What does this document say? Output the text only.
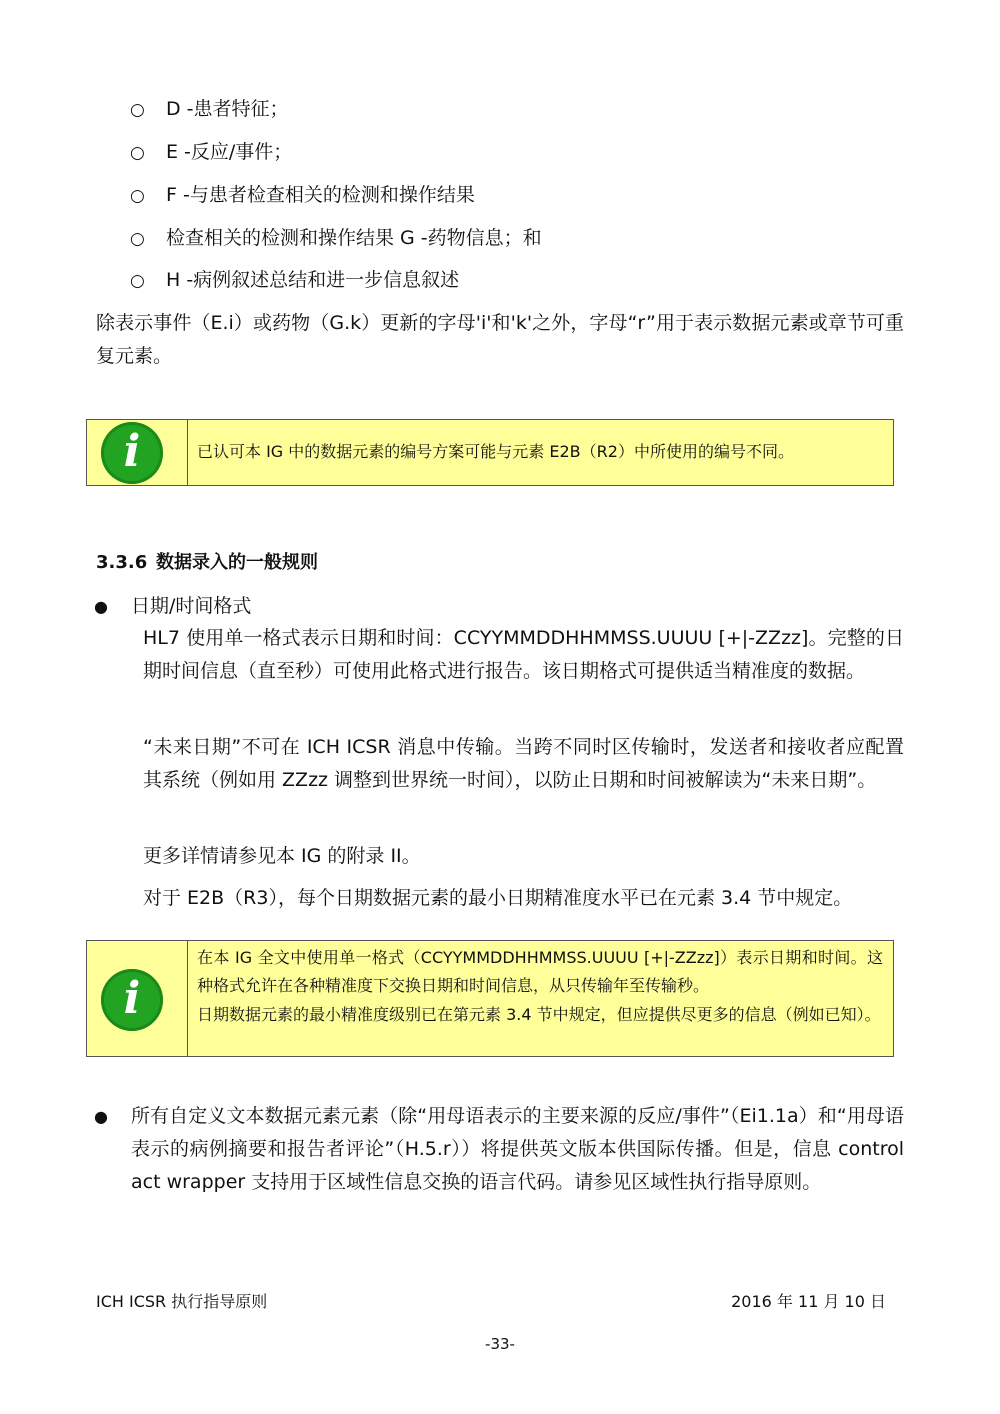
○ D -患者特征；
○ E -反应/事件；
○ F -与患者检查相关的检测和操作结果
○ 检查相关的检测和操作结果 G -药物信息；和
○ H -病例叙述总结和进一步信息叙述
除表示事件（E.i）或药物（G.k）更新的字母'i'和'k'之外，字母“r”用于表示数据元素或章节可重复元素。
i	已认可本 IG 中的数据元素的编号方案可能与元素 E2B（R2）中所使用的编号不同。
3.3.6 数据录入的一般规则
● 日期/时间格式
HL7 使用单一格式表示日期和时间：CCYYMMDDHHMMSS.UUUU [+|-ZZzz]。完整的日期时间信息（直至秒）可使用此格式进行报告。该日期格式可提供适当精准度的数据。
“未来日期”不可在 ICH ICSR 消息中传输。当跨不同时区传输时，发送者和接收者应配置其系统（例如用 ZZzz 调整到世界统一时间），以防止日期和时间被解读为“未来日期”。
更多详情请参见本 IG 的附录 II。
对于 E2B（R3），每个日期数据元素的最小日期精准度水平已在元素 3.4 节中规定。
i
在本 IG 全文中使用单一格式（CCYYMMDDHHMMSS.UUUU [+|-ZZzz]）表示日期和时间。这种格式允许在各种精准度下交换日期和时间信息，从只传输年至传输秒。
日期数据元素的最小精准度级别已在第元素 3.4 节中规定，但应提供尽更多的信息（例如已知）。
● 所有自定义文本数据元素元素（除“用母语表示的主要来源的反应/事件”（Ei1.1a）和“用母语表示的病例摘要和报告者评论”（H.5.r））将提供英文版本供国际传播。但是，信息 control act wrapper 支持用于区域性信息交换的语言代码。请参见区域性执行指导原则。
ICH ICSR 执行指导原则	2016 年 11 月 10 日
-33-
